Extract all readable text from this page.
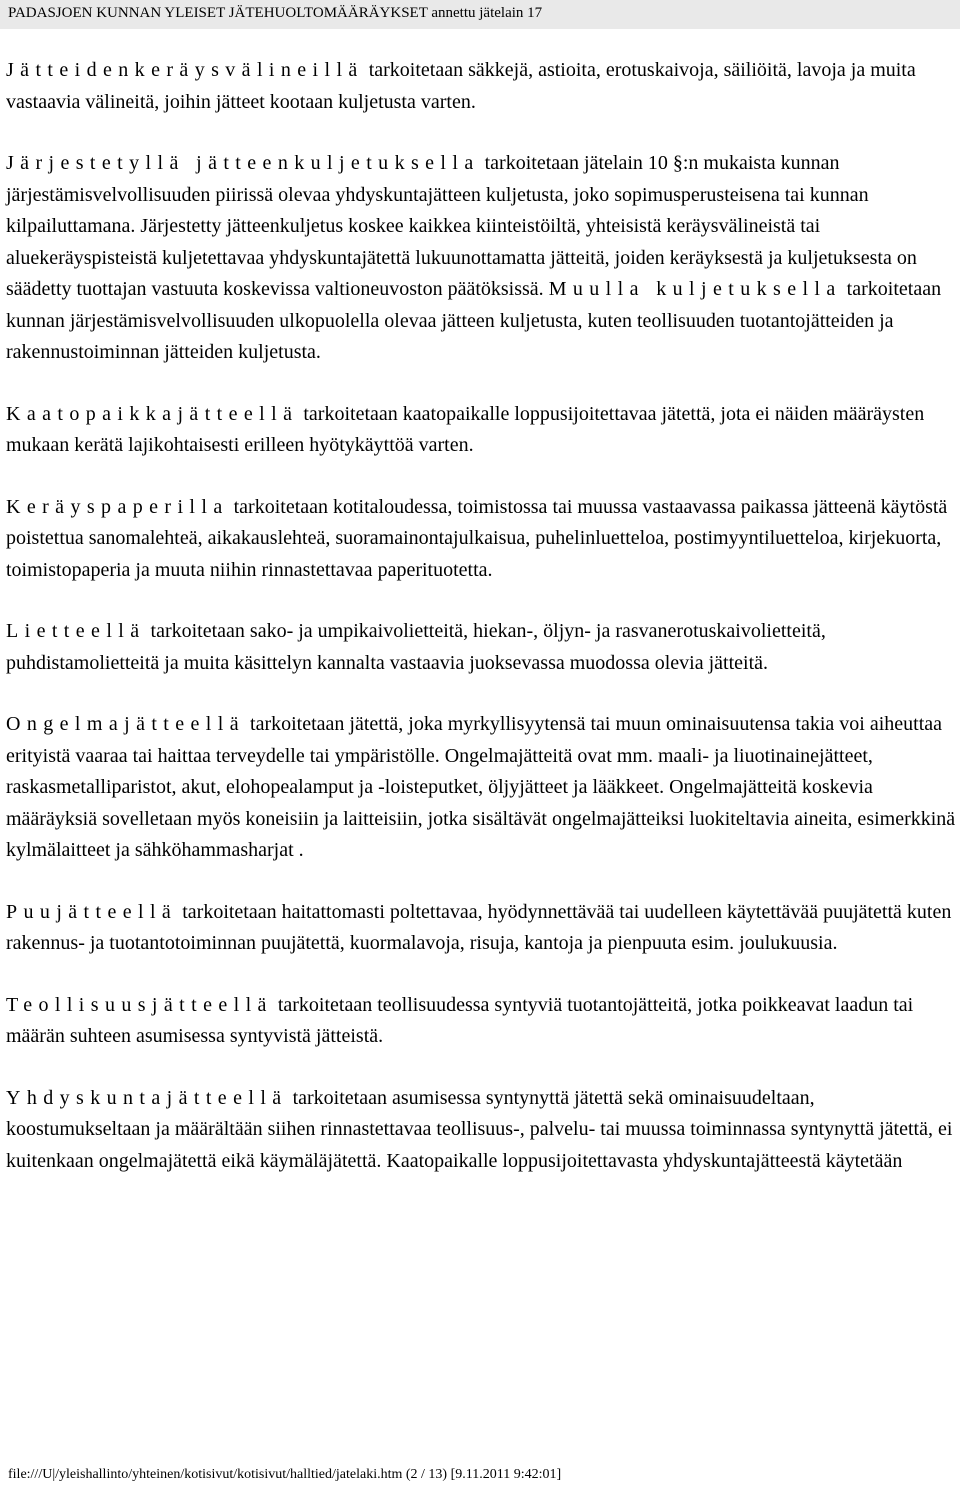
PADASJOEN KUNNAN YLEISET JÄTEHUOLTOMÄÄRÄYKSET annettu jätelain 17

Jätteidenkeräysvälineillä tarkoitetaan säkkejä, astioita, erotuskaivoja, säiliöitä, lavoja ja muita vastaavia välineitä, joihin jätteet kootaan kuljetusta varten.

Järjestetyllä jätteenkuljetuksella tarkoitetaan jätelain 10 §:n mukaista kunnan järjestämisvelvollisuuden piirissä olevaa yhdyskuntajätteen kuljetusta, joko sopimusperusteisena tai kunnan kilpailuttamana. Järjestetty jätteenkuljetus koskee kaikkea kiinteistöiltä, yhteisistä keräysvälineistä tai aluekeräyspisteistä kuljetettavaa yhdyskuntajätettä lukuunottamatta jätteitä, joiden keräyksestä ja kuljetuksesta on säädetty tuottajan vastuuta koskevissa valtioneuvoston päätöksissä. Muulla kuljetuksella tarkoitetaan kunnan järjestämisvelvollisuuden ulkopuolella olevaa jätteen kuljetusta, kuten teollisuuden tuotantojätteiden ja rakennustoiminnan jätteiden kuljetusta.

Kaatopaikkajätteellä tarkoitetaan kaatopaikalle loppusijoitettavaa jätettä, jota ei näiden määräysten mukaan kerätä lajikohtaisesti erilleen hyötykäyttöä varten.

Keräyspaperilla tarkoitetaan kotitaloudessa, toimistossa tai muussa vastaavassa paikassa jätteenä käytöstä poistettua sanomalehteä, aikakauslehteä, suoramainontajulkaisua, puhelinluetteloa, postimyyntiluetteloa, kirjekuorta, toimistopaperia ja muuta niihin rinnastettavaa paperituotetta.

Lietteellä tarkoitetaan sako- ja umpikaivolietteitä, hiekan-, öljyn- ja rasvanerotuskaivolietteitä, puhdistamolietteitä ja muita käsittelyn kannalta vastaavia juoksevassa muodossa olevia jätteitä.

Ongelmajätteellä tarkoitetaan jätettä, joka myrkyllisyytensä tai muun ominaisuutensa takia voi aiheuttaa erityistä vaaraa tai haittaa terveydelle tai ympäristölle. Ongelmajätteitä ovat mm. maali- ja liuotinainejätteet, raskasmetalliparistot, akut, elohopealamput ja -loisteputket, öljyjätteet ja lääkkeet. Ongelmajätteitä koskevia määräyksiä sovelletaan myös koneisiin ja laitteisiin, jotka sisältävät ongelmajätteiksi luokiteltavia aineita, esimerkkinä kylmälaitteet ja sähköhammasharjat .

Puujätteellä tarkoitetaan haitattomasti poltettavaa, hyödynnettävää tai uudelleen käytettävää puujätettä kuten rakennus- ja tuotantotoiminnan puujätettä, kuormalavoja, risuja, kantoja ja pienpuuta esim. joulukuusia.

Teollisuusjätteellä tarkoitetaan teollisuudessa syntyviä tuotantojätteitä, jotka poikkeavat laadun tai määrän suhteen asumisessa syntyvistä jätteistä.

Yhdyskuntajätteellä tarkoitetaan asumisessa syntynyttä jätettä sekä ominaisuudeltaan, koostumukseltaan ja määrältään siihen rinnastettavaa teollisuus-, palvelu- tai muussa toiminnassa syntynyttä jätettä, ei kuitenkaan ongelmajätettä eikä käymäläjätettä. Kaatopaikalle loppusijoitettavasta yhdyskuntajätteestä käytetään

file:///U|/yleishallinto/yhteinen/kotisivut/kotisivut/halltied/jatelaki.htm (2 / 13) [9.11.2011 9:42:01]
